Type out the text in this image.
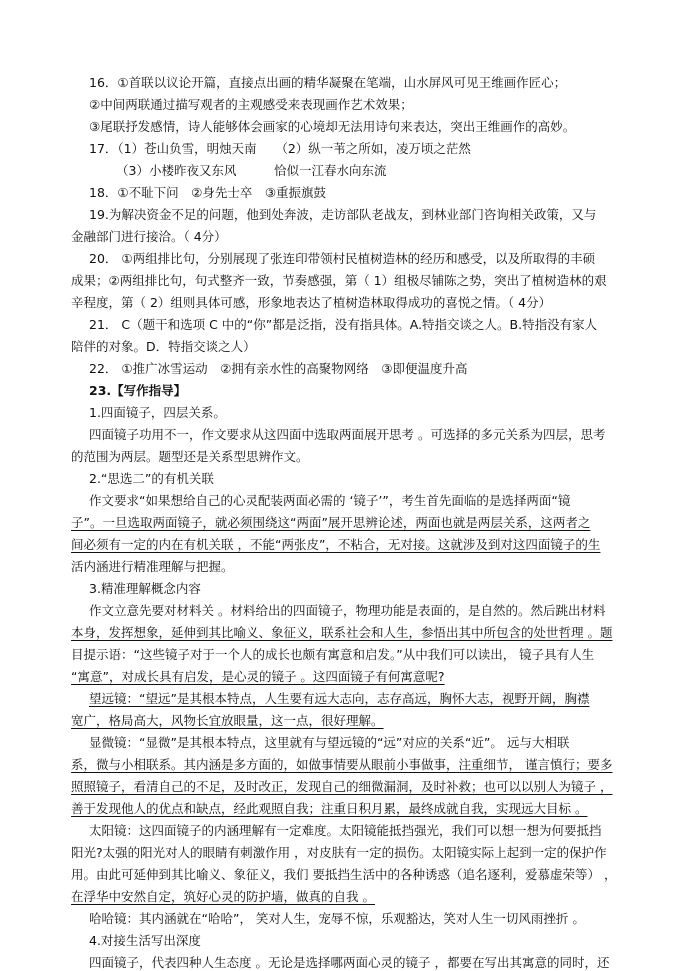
16．①首联以议论开篇，直接点出画的精华凝聚在笔端，山水屏风可见王维画作匠心；
②中间两联通过描写观者的主观感受来表现画作艺术效果；
③尾联抒发感情，诗人能够体会画家的心境却无法用诗句来表达，突出王维画作的高妙。
17．（1）苍山负雪，明烛天南　　（2）纵一苇之所如，凌万顷之茫然
（3）小楼昨夜又东风　　　恰似一江春水向东流
18．①不耻下问　②身先士卒　③重振旗鼓
19.为解决资金不足的问题，他到处奔波，走访部队老战友，到林业部门咨询相关政策，又与
金融部门进行接洽。（ 4分）
20． ①两组排比句，分别展现了张连印带领村民植树造林的经历和感受，以及所取得的丰硕
成果；②两组排比句，句式整齐一致，节奏感强，第（ 1）组极尽铺陈之势，突出了植树造林的艰
辛程度，第（ 2）组则具体可感，形象地表达了植树造林取得成功的喜悦之情。（ 4分）
21． C（题干和选项 C 中的“你”都是泛指，没有指具体。A.特指交谈之人。B.特指没有家人
陪伴的对象。D．特指交谈之人）
22． ①推广冰雪运动　②拥有亲水性的高聚物网络　③即便温度升高
23.【写作指导】
1.四面镜子，四层关系。
四面镜子功用不一，作文要求从这四面中选取两面展开思考 。可选择的多元关系为四层，思考
的范围为两层。题型还是关系型思辨作文。
2.“思选二”的有机关联
作文要求“如果想给自己的心灵配装两面必需的 ‘镜子’”，考生首先面临的是选择两面“镜
子”。一旦选取两面镜子，就必须围绕这“两面”展开思辨论述，两面也就是两层关系，这两者之
间必须有一定的内在有机关联 ，不能“两张皮”，不粘合，无对接。这就涉及到对这四面镜子的生
活内涵进行精准理解与把握。
3.精准理解概念内容
作文立意先要对材料关 。材料给出的四面镜子，物理功能是表面的，是自然的。然后跳出材料
本身，发挥想象，延伸到其比喻义、象征义，联系社会和人生，参悟出其中所包含的处世哲理 。题
目提示语：“这些镜子对于一个人的成长也颇有寓意和启发。”从中我们可以读出， 镜子具有人生
“寓意”，对成长具有启发，是心灵的镜子 。这四面镜子有何寓意呢?
望远镜：“望远”是其根本特点，人生要有远大志向，志存高远，胸怀大志，视野开阔，胸襟
宽广，格局高大，风物长宜放眼量，这一点，很好理解。
显微镜：“显微”是其根本特点，这里就有与望远镜的“远”对应的关系“近”。 远与大相联
系，微与小相联系。其内涵是多方面的，如做事情要从眼前小事做事，注重细节， 谨言慎行；要多
照照镜子，看清自己的不足，及时改正，发现自己的细微漏洞，及时补救；也可以以别人为镜子 ，
善于发现他人的优点和缺点，经此观照自我；注重日积月累，最终成就自我，实现远大目标 。
太阳镜：这四面镜子的内涵理解有一定难度。太阳镜能抵挡强光，我们可以想一想为何要抵挡
阳光?太强的阳光对人的眼睛有刺激作用 ，对皮肤有一定的损伤。太阳镜实际上起到一定的保护作
用。由此可延伸到其比喻义、象征义，我们 要抵挡生活中的各种诱惑（追名逐利，爱慕虚荣等） ，
在浮华中安然自定，筑好心灵的防护墙，做真的自我 。
哈哈镜：其内涵就在“哈哈”， 笑对人生，宠辱不惊，乐观豁达，笑对人生一切风雨挫折 。
4.对接生活写出深度
四面镜子，代表四种人生态度 。无论是选择哪两面心灵的镜子 ，都要在写出其寓意的同时，还
